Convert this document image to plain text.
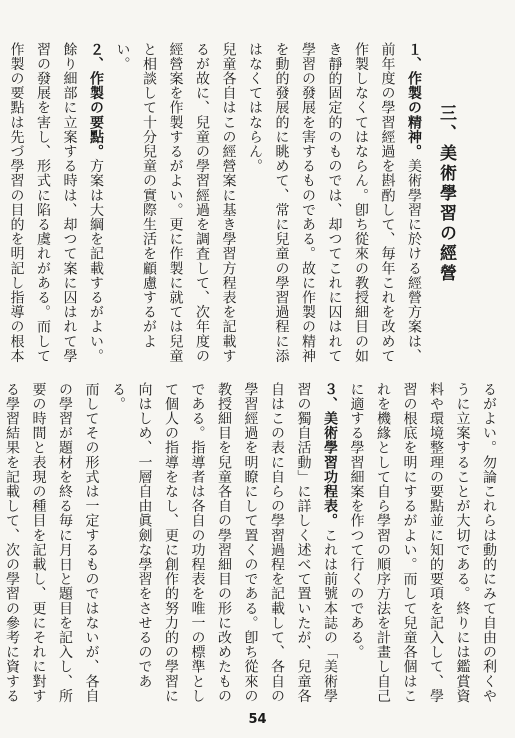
三、美術學習の經營

１、作製の精神。美術學習に於ける經營方案は、前年度の學習經過を斟酌して、毎年これを改めて作製しなくてはならん。卽ち從來の教授細目の如き靜的固定的のものでは、却つてこれに囚はれて學習の發展を害するものである。故に作製の精神を動的發展的に眺めて、常に兒童の學習過程に添はなくてはならん。

兒童各自はこの經營案に基き學習方程表を記載するが故に、兒童の學習經過を調査して、次年度の經營案を作製するがよい。更に作製に就ては兒童と相談して十分兒童の實際生活を顧慮するがよい。

２、作製の要點。方案は大綱を記載するがよい。餘り細部に立案する時は、却つて案に囚はれて學習の發展を害し、形式に陷る虞れがある。而して作製の要點は先づ學習の目的を明記し指導の根本

るがよい。勿論これらは動的にみて自由の利くやうに立案することが大切である。終りには鑑賞資料や環境整理の要點並に知的要項を記入して、學習の根底を明にするがよい。而して兒童各個はこれを機緣として自ら學習の順序方法を計畫し自己に適する學習細案を作つて行くのである。

３、美術學習功程表。これは前號本誌の「美術學習の獨自活動」に詳しく述べて置いたが、兒童各自はこの表に自らの學習過程を記載して、各自の學習經過を明瞭にして置くのである。卽ち從來の教授細目を兒童各自の學習細目の形に改めたものである。指導者は各自の功程表を唯一の標準として個人の指導をなし、更に創作的努力的の學習に向はしめ、一層自由眞劍な學習をさせるのである。

而してその形式は一定するものではないが、各自の學習が題材を終る毎に月日と題目を記入し、所要の時間と表現の種目を記載し、更にそれに對する學習結果を記載して、次の學習の參考に資する

54
